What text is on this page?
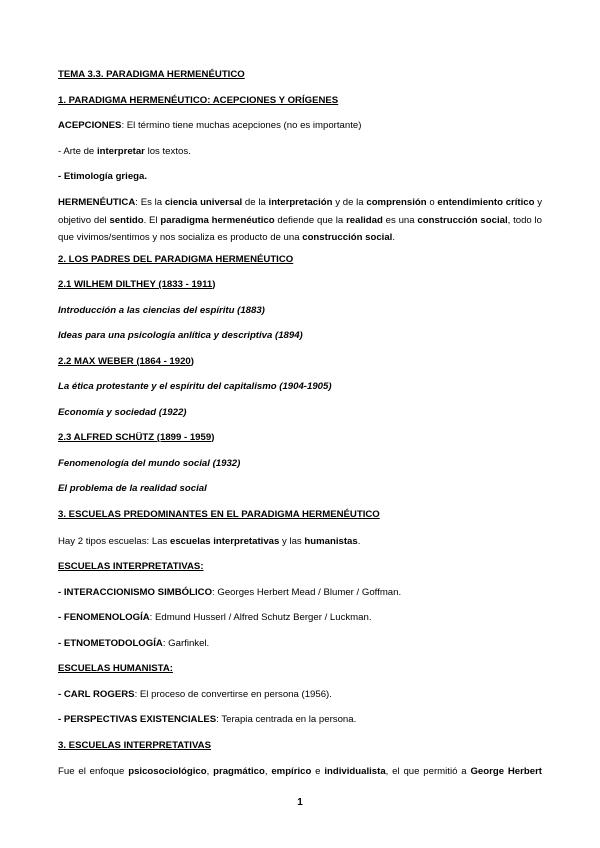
TEMA 3.3. PARADIGMA HERMENÉUTICO
1. PARADIGMA HERMENÉUTICO: ACEPCIONES Y ORÍGENES
ACEPCIONES: El término tiene muchas acepciones (no es importante)
- Arte de interpretar los textos.
- Etimología griega.
HERMENÉUTICA: Es la ciencia universal de la interpretación y de la comprensión o entendimiento crítico y objetivo del sentido. El paradigma hermenéutico defiende que la realidad es una construcción social, todo lo que vivimos/sentimos y nos socializa es producto de una construcción social.
2. LOS PADRES DEL PARADIGMA HERMENÉUTICO
2.1 WILHEM DILTHEY (1833 - 1911)
Introducción a las ciencias del espíritu (1883)
Ideas para una psicología anlítica y descriptiva (1894)
2.2 MAX WEBER (1864 - 1920)
La ética protestante y el espíritu del capitalismo (1904-1905)
Economía y sociedad (1922)
2.3 ALFRED SCHÜTZ (1899 - 1959)
Fenomenología del mundo social (1932)
El problema de la realidad social
3. ESCUELAS PREDOMINANTES EN EL PARADIGMA HERMENÉUTICO
Hay 2 tipos escuelas: Las escuelas interpretativas y las humanistas.
ESCUELAS INTERPRETATIVAS:
- INTERACCIONISMO SIMBÓLICO: Georges Herbert Mead / Blumer / Goffman.
- FENOMENOLOGÍA: Edmund Husserl / Alfred Schutz Berger / Luckman.
- ETNOMETODOLOGÍA: Garfinkel.
ESCUELAS HUMANISTA:
- CARL ROGERS: El proceso de convertirse en persona (1956).
- PERSPECTIVAS EXISTENCIALES: Terapia centrada en la persona.
3. ESCUELAS INTERPRETATIVAS
Fue el enfoque psicosociológico, pragmático, empírico e individualista, el que permitió a George Herbert
1
